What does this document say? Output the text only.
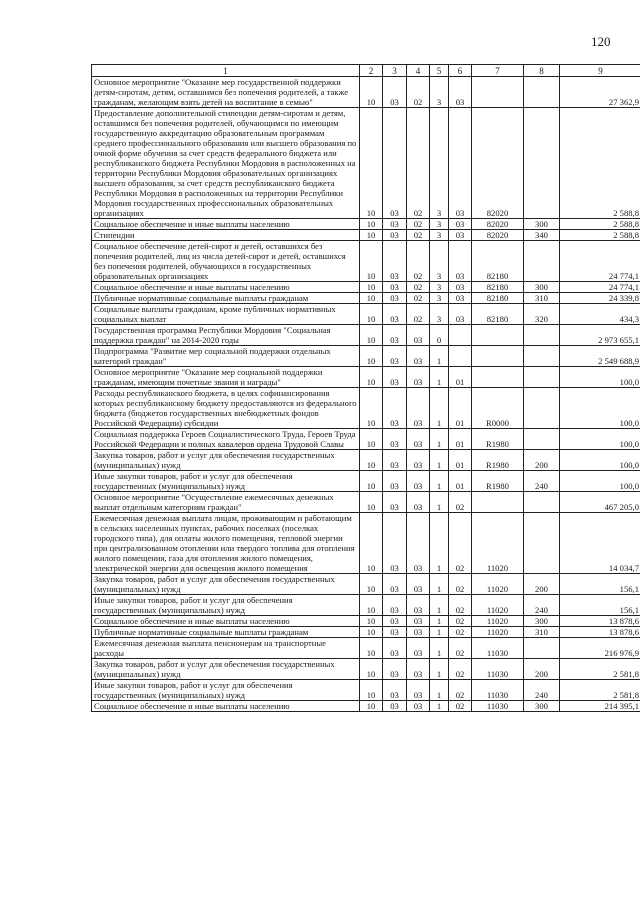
120
1	2	3	4	5	6	7	8	9
Основное мероприятие "Оказание мер государственной поддержки детям-сиротам, детям, оставшимся без попечения родителей, а также гражданам, желающим взять детей на воспитание в семью"	10	03	02	3	03			27 362,9
Предоставление дополнительной стипендии детям-сиротам и детям, оставшимся без попечения родителей, обучающимся по имеющим государственную аккредитацию образовательным программам среднего профессионального образования или высшего образования по очной форме обучения за счет средств федерального бюджета или республиканского бюджета Республики Мордовия в расположенных на территории Республики Мордовия образовательных организациях высшего образования, за счет средств республиканского бюджета Республики Мордовия в расположенных на территории Республики Мордовия государственных профессиональных образовательных организациях	10	03	02	3	03	82020		2 588,8
Социальное обеспечение и иные выплаты населению	10	03	02	3	03	82020	300	2 588,8
Стипендии	10	03	02	3	03	82020	340	2 588,8
Социальное обеспечение детей-сирот и детей, оставшихся без попечения родителей, лиц из числа детей-сирот и детей, оставшихся без попечения родителей, обучающихся в государственных образовательных организациях	10	03	02	3	03	82180		24 774,1
Социальное обеспечение и иные выплаты населению	10	03	02	3	03	82180	300	24 774,1
Публичные нормативные социальные выплаты гражданам	10	03	02	3	03	82180	310	24 339,8
Социальные выплаты гражданам, кроме публичных нормативных социальных выплат	10	03	02	3	03	82180	320	434,3
Государственная программа Республики Мордовия "Социальная поддержка граждан" на 2014-2020 годы	10	03	03	0				2 973 655,1
Подпрограмма "Развитие мер социальной поддержки отдельных категорий граждан"	10	03	03	1				2 549 688,9
Основное мероприятие "Оказание мер социальной поддержки гражданам, имеющим почетные звания и награды"	10	03	03	1	01			100,0
Расходы республиканского бюджета, в целях софинансирования которых республиканскому бюджету предоставляются из федерального бюджета (бюджетов государственных внебюджетных фондов Российской Федерации) субсидии	10	03	03	1	01	R0000		100,0
Социальная поддержка Героев Социалистического Труда, Героев Труда Российской Федерации и полных кавалеров ордена Трудовой Славы	10	03	03	1	01	R1980		100,0
Закупка товаров, работ и услуг для обеспечения государственных (муниципальных) нужд	10	03	03	1	01	R1980	200	100,0
Иные закупки товаров, работ и услуг для обеспечения государственных (муниципальных) нужд	10	03	03	1	01	R1980	240	100,0
Основное мероприятие "Осуществление ежемесячных денежных выплат отдельным категориям граждан"	10	03	03	1	02			467 205,0
Ежемесячная денежная выплата лицам, проживающим и работающим в сельских населенных пунктах, рабочих поселках (поселках городского типа), для оплаты жилого помещения, тепловой энергии при централизованном отоплении или твердого топлива для отопления жилого помещения, газа для отопления жилого помещения, электрической энергии для освещения жилого помещения	10	03	03	1	02	11020		14 034,7
Закупка товаров, работ и услуг для обеспечения государственных (муниципальных) нужд	10	03	03	1	02	11020	200	156,1
Иные закупки товаров, работ и услуг для обеспечения государственных (муниципальных) нужд	10	03	03	1	02	11020	240	156,1
Социальное обеспечение и иные выплаты населению	10	03	03	1	02	11020	300	13 878,6
Публичные нормативные социальные выплаты гражданам	10	03	03	1	02	11020	310	13 878,6
Ежемесячная денежная выплата пенсионерам на транспортные расходы	10	03	03	1	02	11030		216 976,9
Закупка товаров, работ и услуг для обеспечения государственных (муниципальных) нужд	10	03	03	1	02	11030	200	2 581,8
Иные закупки товаров, работ и услуг для обеспечения государственных (муниципальных) нужд	10	03	03	1	02	11030	240	2 581,8
Социальное обеспечение и иные выплаты населению	10	03	03	1	02	11030	300	214 395,1
